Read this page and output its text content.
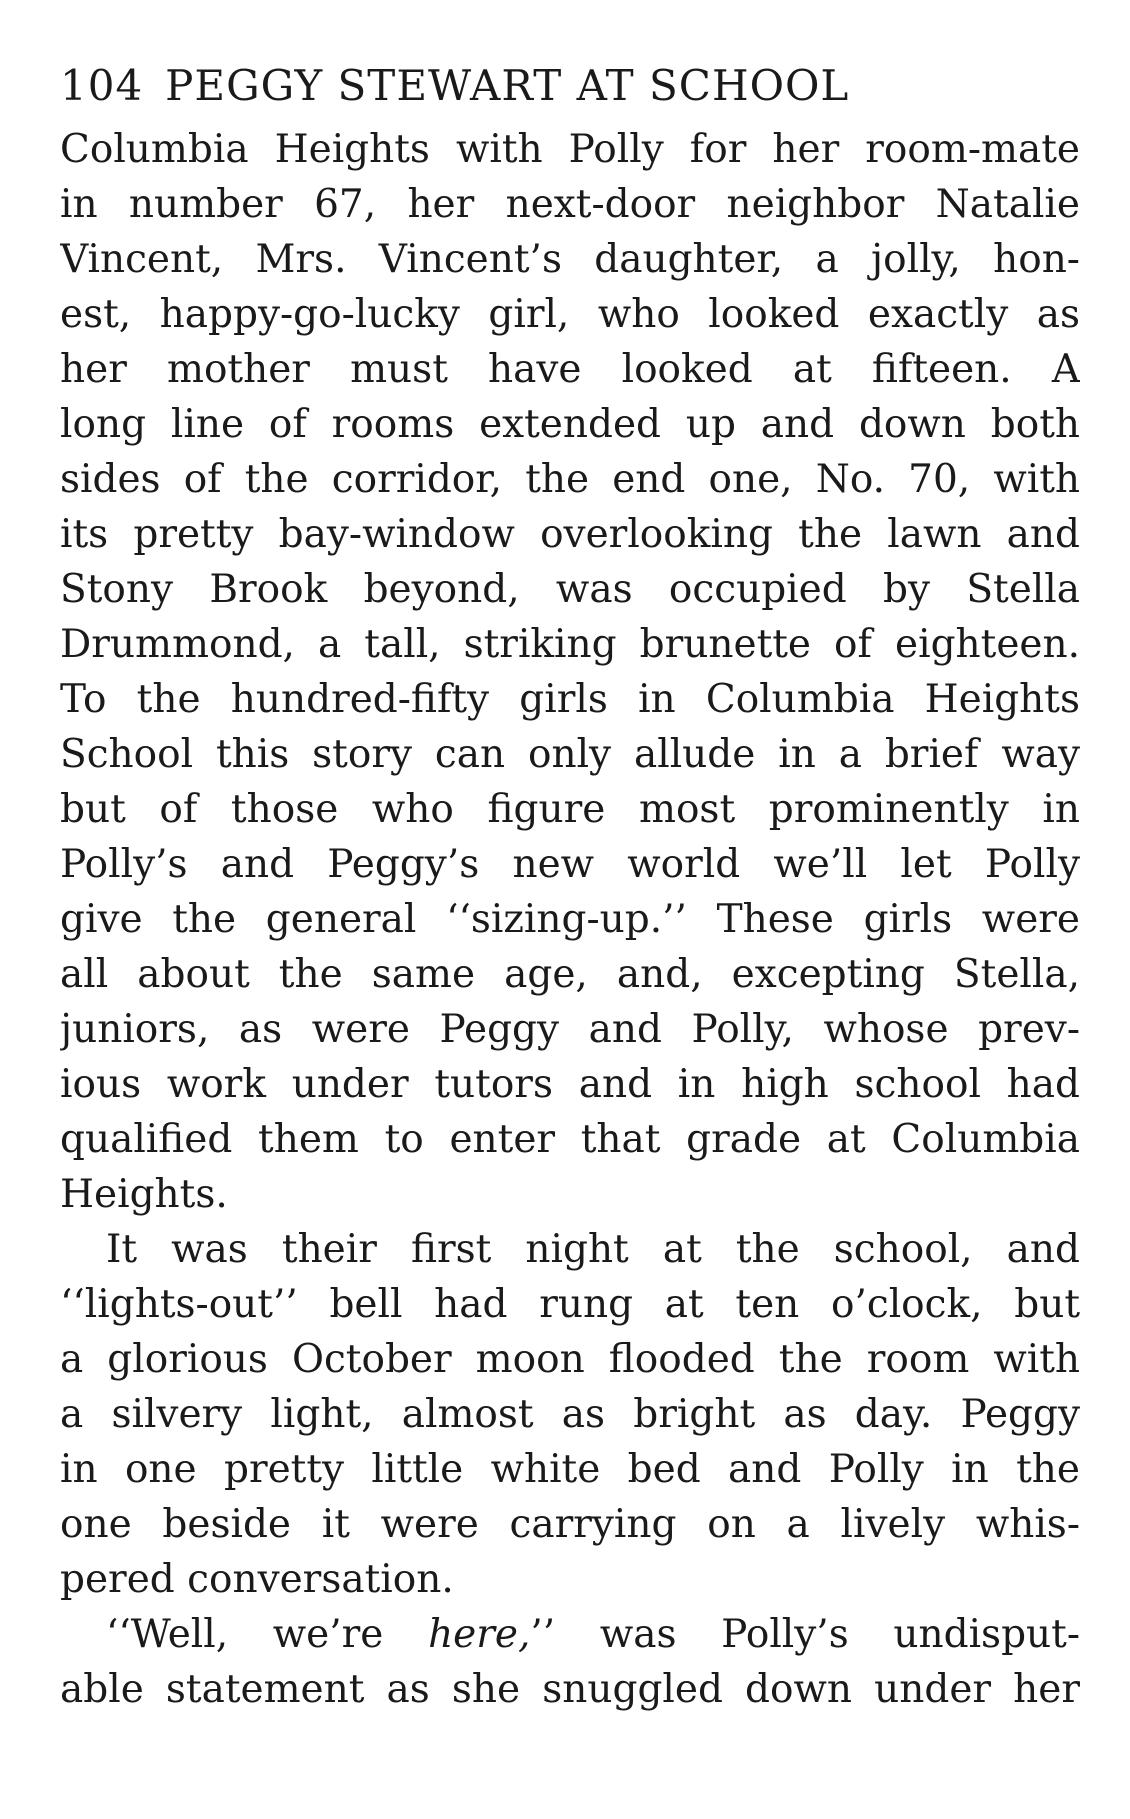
104 PEGGY STEWART AT SCHOOL
Columbia Heights with Polly for her room-mate
in number 67, her next-door neighbor Natalie
Vincent, Mrs. Vincent’s daughter, a jolly, hon-
est, happy-go-lucky girl, who looked exactly as
her mother must have looked at fifteen. A
long line of rooms extended up and down both
sides of the corridor, the end one, No. 70, with
its pretty bay-window overlooking the lawn and
Stony Brook beyond, was occupied by Stella
Drummond, a tall, striking brunette of eighteen.
To the hundred-fifty girls in Columbia Heights
School this story can only allude in a brief way
but of those who figure most prominently in
Polly’s and Peggy’s new world we’ll let Polly
give the general ‘‘sizing-up.’’ These girls were
all about the same age, and, excepting Stella,
juniors, as were Peggy and Polly, whose prev-
ious work under tutors and in high school had
qualified them to enter that grade at Columbia
Heights.
It was their first night at the school, and
‘‘lights-out’’ bell had rung at ten o’clock, but
a glorious October moon flooded the room with
a silvery light, almost as bright as day. Peggy
in one pretty little white bed and Polly in the
one beside it were carrying on a lively whis-
pered conversation.
‘‘Well, we’re here,’’ was Polly’s undisput-
able statement as she snuggled down under her
